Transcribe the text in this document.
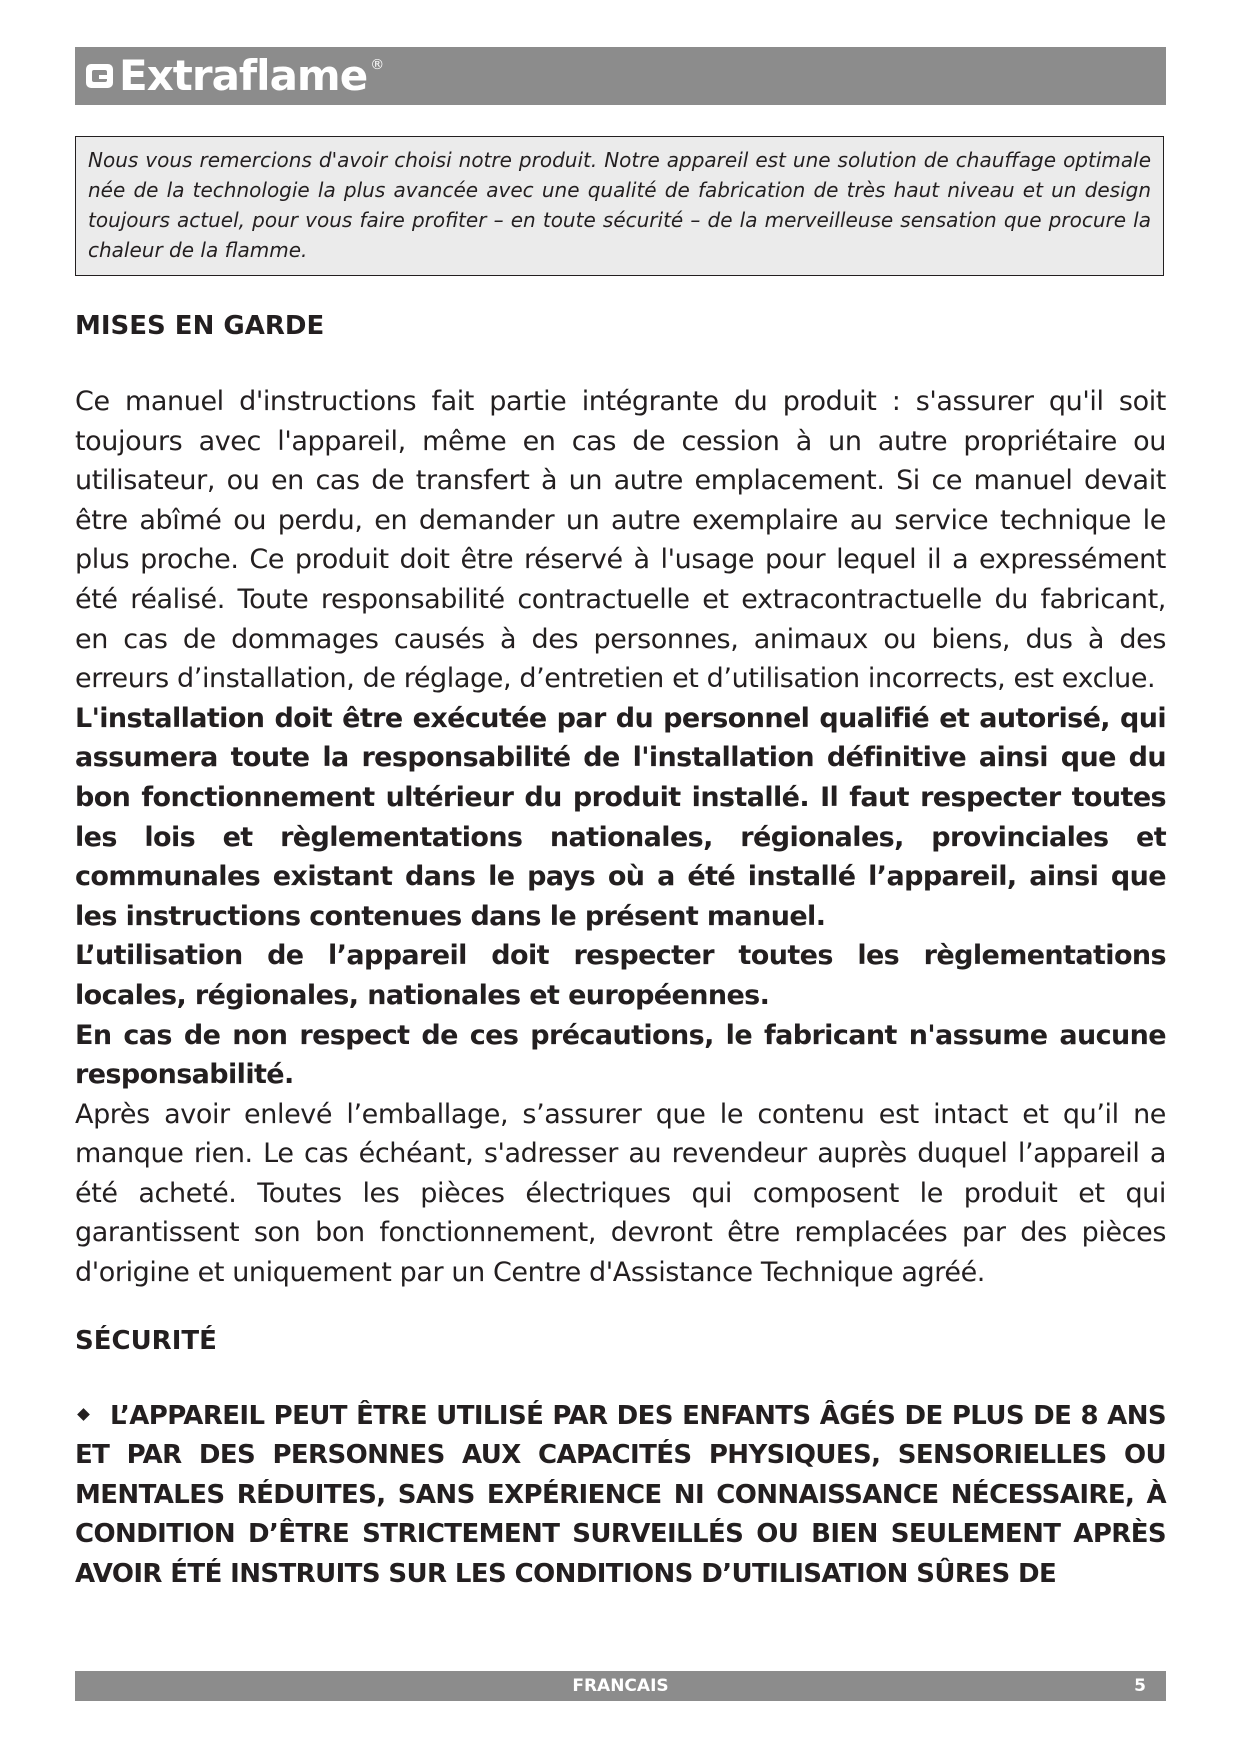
Extraflame ®
Nous vous remercions d'avoir choisi notre produit. Notre appareil est une solution de chauffage optimale née de la technologie la plus avancée avec une qualité de fabrication de très haut niveau et un design toujours actuel, pour vous faire profiter – en toute sécurité – de la merveilleuse sensation que procure la chaleur de la flamme.
MISES EN GARDE

Ce manuel d'instructions fait partie intégrante du produit : s'assurer qu'il soit toujours avec l'appareil, même en cas de cession à un autre propriétaire ou utilisateur, ou en cas de transfert à un autre emplacement. Si ce manuel devait être abîmé ou perdu, en demander un autre exemplaire au service technique le plus proche. Ce produit doit être réservé à l'usage pour lequel il a expressément été réalisé. Toute responsabilité contractuelle et extracontractuelle du fabricant, en cas de dommages causés à des personnes, animaux ou biens, dus à des erreurs d’installation, de réglage, d’entretien et d’utilisation incorrects, est exclue.

L'installation doit être exécutée par du personnel qualifié et autorisé, qui assumera toute la responsabilité de l'installation définitive ainsi que du bon fonctionnement ultérieur du produit installé. Il faut respecter toutes les lois et règlementations nationales, régionales, provinciales et communales existant dans le pays où a été installé l’appareil, ainsi que les instructions contenues dans le présent manuel.

L’utilisation de l’appareil doit respecter toutes les règlementations locales, régionales, nationales et européennes.

En cas de non respect de ces précautions, le fabricant n'assume aucune responsabilité.

Après avoir enlevé l’emballage, s’assurer que le contenu est intact et qu’il ne manque rien. Le cas échéant, s'adresser au revendeur auprès duquel l’appareil a été acheté. Toutes les pièces électriques qui composent le produit et qui garantissent son bon fonctionnement, devront être remplacées par des pièces d'origine et uniquement par un Centre d'Assistance Technique agréé.

SÉCURITÉ

L’APPAREIL PEUT ÊTRE UTILISÉ PAR DES ENFANTS ÂGÉS DE PLUS DE 8 ANS ET PAR DES PERSONNES AUX CAPACITÉS PHYSIQUES, SENSORIELLES OU MENTALES RÉDUITES, SANS EXPÉRIENCE NI CONNAISSANCE NÉCESSAIRE, À CONDITION D’ÊTRE STRICTEMENT SURVEILLÉS OU BIEN SEULEMENT APRÈS AVOIR ÉTÉ INSTRUITS SUR LES CONDITIONS D’UTILISATION SÛRES DE

FRANCAIS	5
